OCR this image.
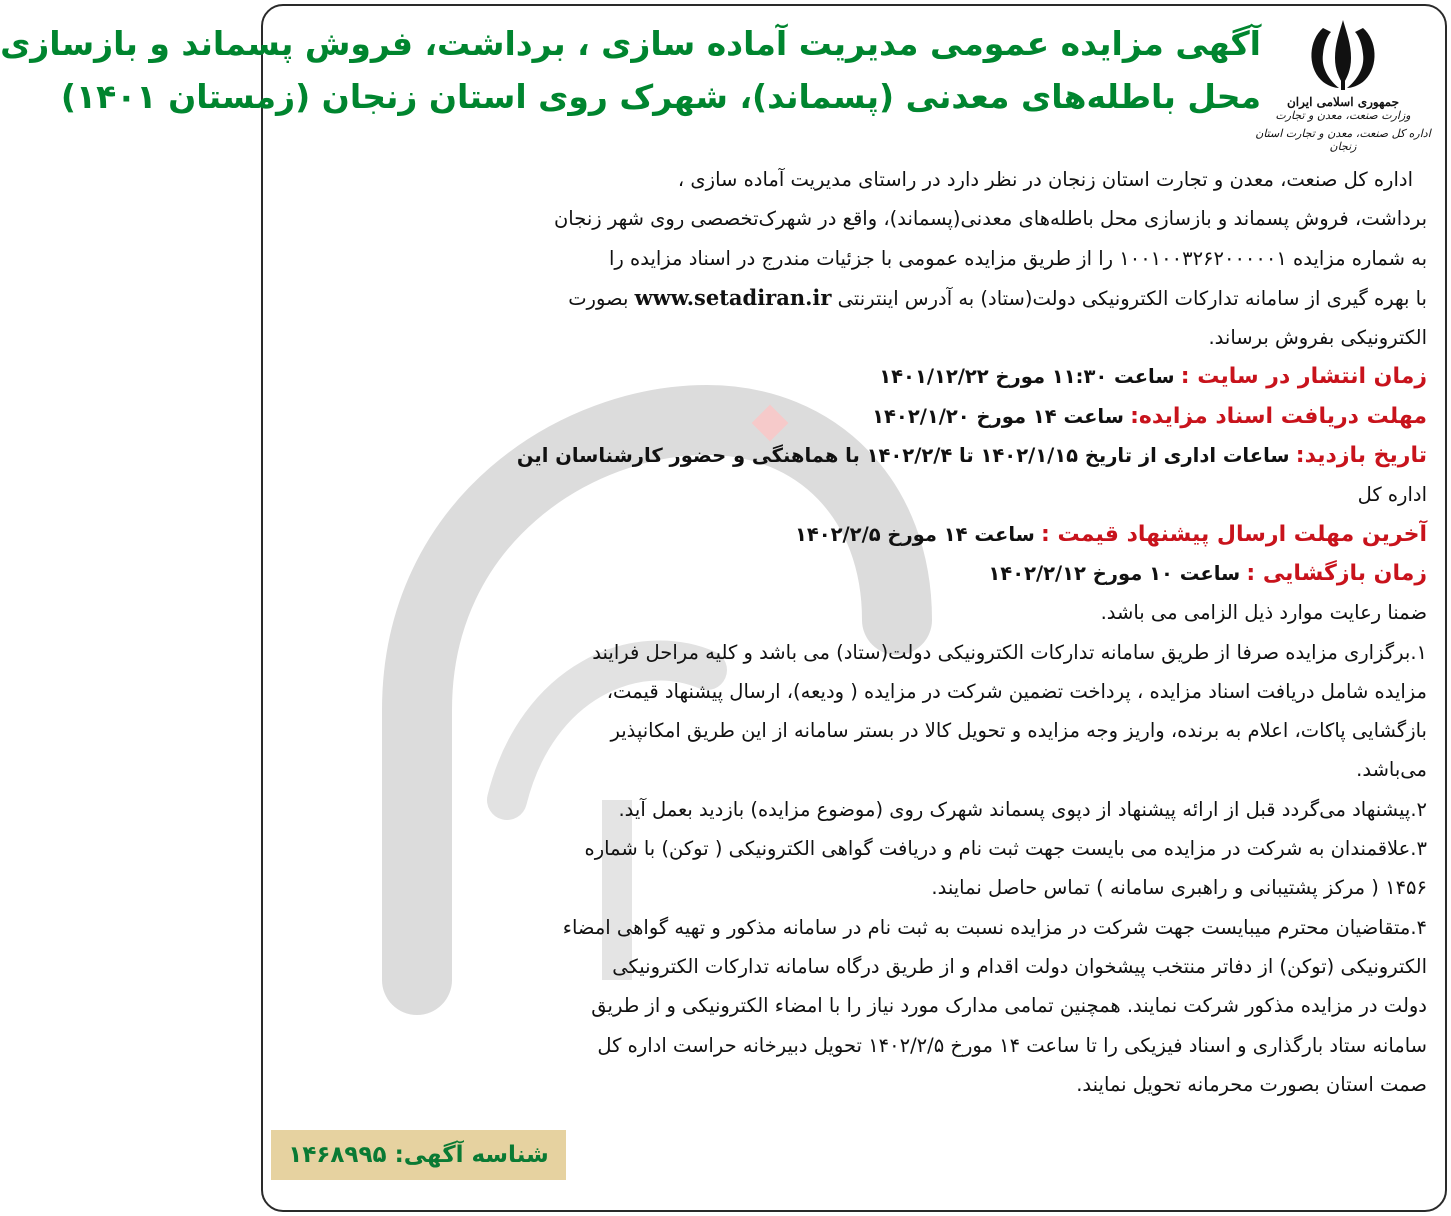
جمهوری اسلامی ایران
وزارت صنعت، معدن و تجارت
اداره کل صنعت، معدن و تجارت استان زنجان
آگهی مزایده عمومی مدیریت آماده سازی ، برداشت، فروش پسماند و بازسازی
محل باطله‌های معدنی (پسماند)، شهرک روی استان زنجان (زمستان ۱۴۰۱)

اداره کل صنعت، معدن و تجارت استان زنجان در نظر دارد در راستای مدیریت آماده سازی ،

برداشت، فروش پسماند و بازسازی محل باطله‌های معدنی(پسماند)، واقع در شهرک‌تخصصی روی شهر زنجان

به شماره مزایده ۱۰۰۱۰۰۳۲۶۲۰۰۰۰۰۱ را از طریق مزایده عمومی با جزئیات مندرج در اسناد مزایده را

با بهره گیری از سامانه تدارکات الکترونیکی دولت(ستاد) به آدرس اینترنتی www.setadiran.ir بصورت

الکترونیکی بفروش برساند.

زمان انتشار در سایت : ساعت ۱۱:۳۰ مورخ ۱۴۰۱/۱۲/۲۲

مهلت دریافت اسناد مزایده: ساعت ۱۴ مورخ ۱۴۰۲/۱/۲۰

تاریخ بازدید: ساعات اداری از تاریخ ۱۴۰۲/۱/۱۵ تا ۱۴۰۲/۲/۴ با هماهنگی و حضور کارشناسان این

اداره کل

آخرین مهلت ارسال پیشنهاد قیمت : ساعت ۱۴ مورخ ۱۴۰۲/۲/۵

زمان بازگشایی : ساعت ۱۰ مورخ ۱۴۰۲/۲/۱۲

ضمنا رعایت موارد ذیل الزامی می باشد.

۱.برگزاری مزایده صرفا از طریق سامانه تدارکات الکترونیکی دولت(ستاد) می باشد و کلیه مراحل فرایند

مزایده شامل دریافت اسناد مزایده ، پرداخت تضمین شرکت در مزایده ( ودیعه)، ارسال پیشنهاد قیمت،

بازگشایی پاکات، اعلام به برنده، واریز وجه مزایده و تحویل کالا در بستر سامانه از این طریق امکانپذیر

می‌باشد.

۲.پیشنهاد می‌گردد قبل از ارائه پیشنهاد از دپوی پسماند شهرک روی (موضوع مزایده) بازدید بعمل آید.

۳.علاقمندان به شرکت در مزایده می بایست جهت ثبت نام و دریافت گواهی الکترونیکی ( توکن) با شماره

۱۴۵۶ ( مرکز پشتیبانی و راهبری سامانه ) تماس حاصل نمایند.

۴.متقاضیان محترم میبایست جهت شرکت در مزایده نسبت به ثبت نام در سامانه مذکور و تهیه گواهی امضاء

الکترونیکی (توکن) از دفاتر منتخب پیشخوان دولت اقدام و از طریق درگاه سامانه تدارکات الکترونیکی

دولت در مزایده مذکور شرکت نمایند. همچنین تمامی مدارک مورد نیاز را با امضاء الکترونیکی و از طریق

سامانه ستاد بارگذاری و اسناد فیزیکی را تا ساعت ۱۴ مورخ ۱۴۰۲/۲/۵ تحویل دبیرخانه حراست اداره کل

صمت استان بصورت محرمانه تحویل نمایند.

شناسه آگهی: ۱۴۶۸۹۹۵
